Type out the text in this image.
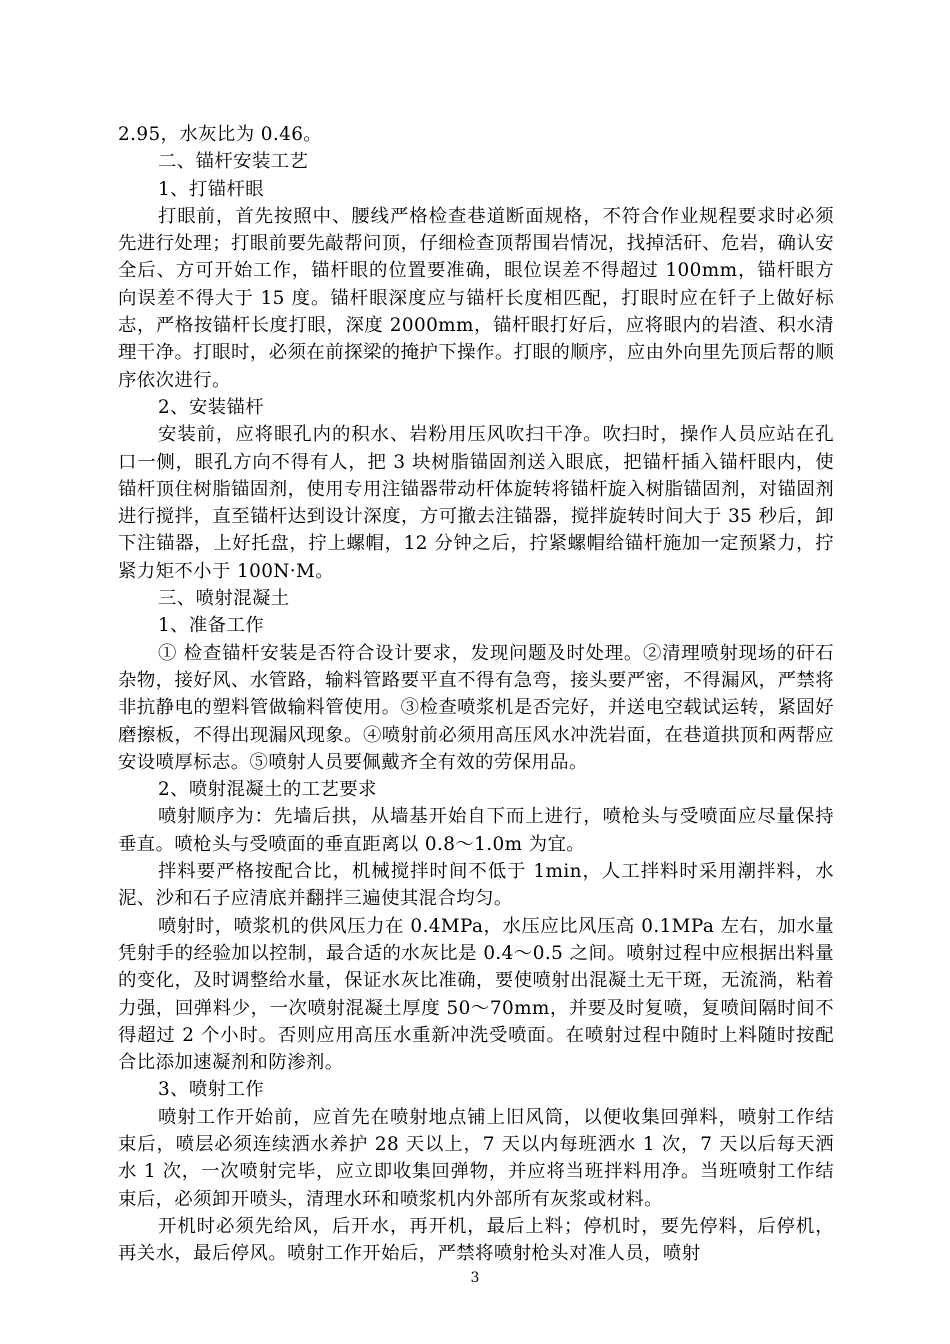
2.95，水灰比为 0.46。

二、锚杆安装工艺

1、打锚杆眼

打眼前，首先按照中、腰线严格检查巷道断面规格，不符合作业规程要求时必须先进行处理；打眼前要先敲帮问顶，仔细检查顶帮围岩情况，找掉活矸、危岩，确认安全后、方可开始工作，锚杆眼的位置要准确，眼位误差不得超过 100mm，锚杆眼方向误差不得大于 15 度。锚杆眼深度应与锚杆长度相匹配，打眼时应在钎子上做好标志，严格按锚杆长度打眼，深度 2000mm，锚杆眼打好后，应将眼内的岩渣、积水清理干净。打眼时，必须在前探梁的掩护下操作。打眼的顺序，应由外向里先顶后帮的顺序依次进行。

2、安装锚杆

安装前，应将眼孔内的积水、岩粉用压风吹扫干净。吹扫时，操作人员应站在孔口一侧，眼孔方向不得有人，把 3 块树脂锚固剂送入眼底，把锚杆插入锚杆眼内，使锚杆顶住树脂锚固剂，使用专用注锚器带动杆体旋转将锚杆旋入树脂锚固剂，对锚固剂进行搅拌，直至锚杆达到设计深度，方可撤去注锚器，搅拌旋转时间大于 35 秒后，卸下注锚器，上好托盘，拧上螺帽，12 分钟之后，拧紧螺帽给锚杆施加一定预紧力，拧紧力矩不小于 100N·M。

三、喷射混凝土

1、准备工作

① 检查锚杆安装是否符合设计要求，发现问题及时处理。②清理喷射现场的矸石杂物，接好风、水管路，输料管路要平直不得有急弯，接头要严密，不得漏风，严禁将非抗静电的塑料管做输料管使用。③检查喷浆机是否完好，并送电空载试运转，紧固好磨擦板，不得出现漏风现象。④喷射前必须用高压风水冲洗岩面，在巷道拱顶和两帮应安设喷厚标志。⑤喷射人员要佩戴齐全有效的劳保用品。

2、喷射混凝土的工艺要求

喷射顺序为：先墙后拱，从墙基开始自下而上进行，喷枪头与受喷面应尽量保持垂直。喷枪头与受喷面的垂直距离以 0.8～1.0m 为宜。

拌料要严格按配合比，机械搅拌时间不低于 1min，人工拌料时采用潮拌料，水泥、沙和石子应清底并翻拌三遍使其混合均匀。

喷射时，喷浆机的供风压力在 0.4MPa，水压应比风压高 0.1MPa 左右，加水量凭射手的经验加以控制，最合适的水灰比是 0.4～0.5 之间。喷射过程中应根据出料量的变化，及时调整给水量，保证水灰比准确，要使喷射出混凝土无干斑，无流淌，粘着力强，回弹料少，一次喷射混凝土厚度 50～70mm，并要及时复喷，复喷间隔时间不得超过 2 个小时。否则应用高压水重新冲洗受喷面。在喷射过程中随时上料随时按配合比添加速凝剂和防渗剂。

3、喷射工作

喷射工作开始前，应首先在喷射地点铺上旧风筒，以便收集回弹料，喷射工作结束后，喷层必须连续洒水养护 28 天以上，7 天以内每班洒水 1 次，7 天以后每天洒水 1 次，一次喷射完毕，应立即收集回弹物，并应将当班拌料用净。当班喷射工作结束后，必须卸开喷头，清理水环和喷浆机内外部所有灰浆或材料。

开机时必须先给风，后开水，再开机，最后上料；停机时，要先停料，后停机，再关水，最后停风。喷射工作开始后，严禁将喷射枪头对准人员，喷射

3
